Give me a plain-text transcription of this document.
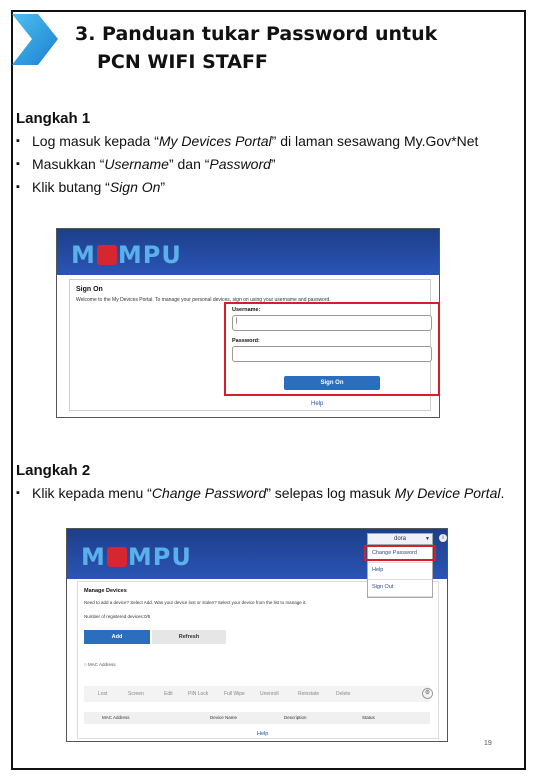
3. Panduan tukar Password untuk
PCN WIFI STAFF
Langkah 1
▪ Log masuk kepada “My Devices Portal” di laman sesawang My.Gov*Net
▪ Masukkan “Username” dan “Password”
▪ Klik butang “Sign On”
M MPU
Sign On
Welcome to the My Devices Portal. To manage your personal devices, sign on using your username and password.
Username:
|
Password:
Sign On
Help
Langkah 2
▪ Klik kepada menu “Change Password” selepas log masuk My Device Portal.
M MPU
dora	▼	i
Change Password
Help
Sign Out
Manage Devices
Need to add a device? Select Add. Was your device lost or stolen? Select your device from the list to manage it.
Number of registered devices:0/5
Add	Refresh
○ MAC Address
Lost	Screen	Edit	PIN Lock	Full Wipe	Unenroll	Reinstate	Delete	⚙
MAC Address	Device Name	Description	Status
Help
19
